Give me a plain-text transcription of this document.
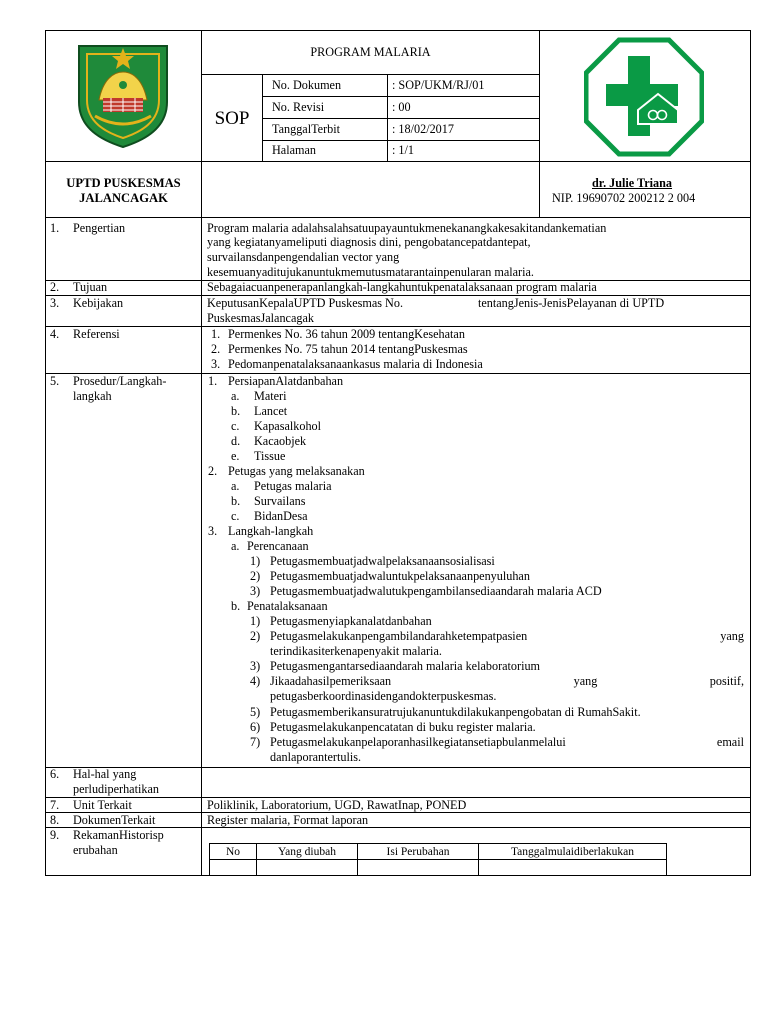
PROGRAM MALARIA
SOP
No. Dokumen	: SOP/UKM/RJ/01
No. Revisi	: 00
TanggalTerbit	: 18/02/2017
Halaman	: 1/1
UPTD PUSKESMAS
JALANCAGAK
dr. Julie Triana
NIP. 19690702 200212 2 004
1. Pengertian	Program malaria adalahsalahsatuupayauntukmenekanangkakesakitandankematian
yang kegiatanyameliputi diagnosis dini, pengobatancepatdantepat,
survailansdanpengendalian vector yang
kesemuanyaditujukanuntukmemutusmatarantainpenularan malaria.
2. Tujuan	Sebagaiacuanpenerapanlangkah-langkahuntukpenatalaksanaan program malaria
3. Kebijakan	KeputusanKepalaUPTD Puskesmas No.	tentangJenis-JenisPelayanan di UPTD
PuskesmasJalancagak
4. Referensi	1. Permenkes No. 36 tahun 2009 tentangKesehatan
2. Permenkes No. 75 tahun 2014 tentangPuskesmas
3. Pedomanpenatalaksanaankasus malaria di Indonesia
5. Prosedur/Langkah-
langkah
1. PersiapanAlatdanbahan
a. Materi
b. Lancet
c. Kapasalkohol
d. Kacaobjek
e. Tissue
2. Petugas yang melaksanakan
a. Petugas malaria
b. Survailans
c. BidanDesa
3. Langkah-langkah
a. Perencanaan
1) Petugasmembuatjadwalpelaksanaansosialisasi
2) Petugasmembuatjadwaluntukpelaksanaanpenyuluhan
3) Petugasmembuatjadwalutukpengambilansediaandarah malaria ACD
b. Penatalaksanaan
1) Petugasmenyiapkanalatdanbahan
2) Petugasmelakukanpengambilandarahketempatpasien	yang
terindikasiterkenapenyakit malaria.
3) Petugasmengantarsediaandarah malaria kelaboratorium
4) Jikaadahasilpemeriksaan	yang	positif,
petugasberkoordinasidengandokterpuskesmas.
5) Petugasmemberikansuratrujukanuntukdilakukanpengobatan di RumahSakit.
6) Petugasmelakukanpencatatan di buku register malaria.
7) Petugasmelakukanpelaporanhasilkegiatansetiapbulanmelalui	email
danlaporantertulis.
6. Hal-hal yang
perludiperhatikan
7. Unit Terkait	Poliklinik, Laboratorium, UGD, RawatInap, PONED
8. DokumenTerkait	Register malaria, Format laporan
9. RekamanHistorisp
erubahan	No	Yang diubah	Isi Perubahan	Tanggalmulaidiberlakukan
